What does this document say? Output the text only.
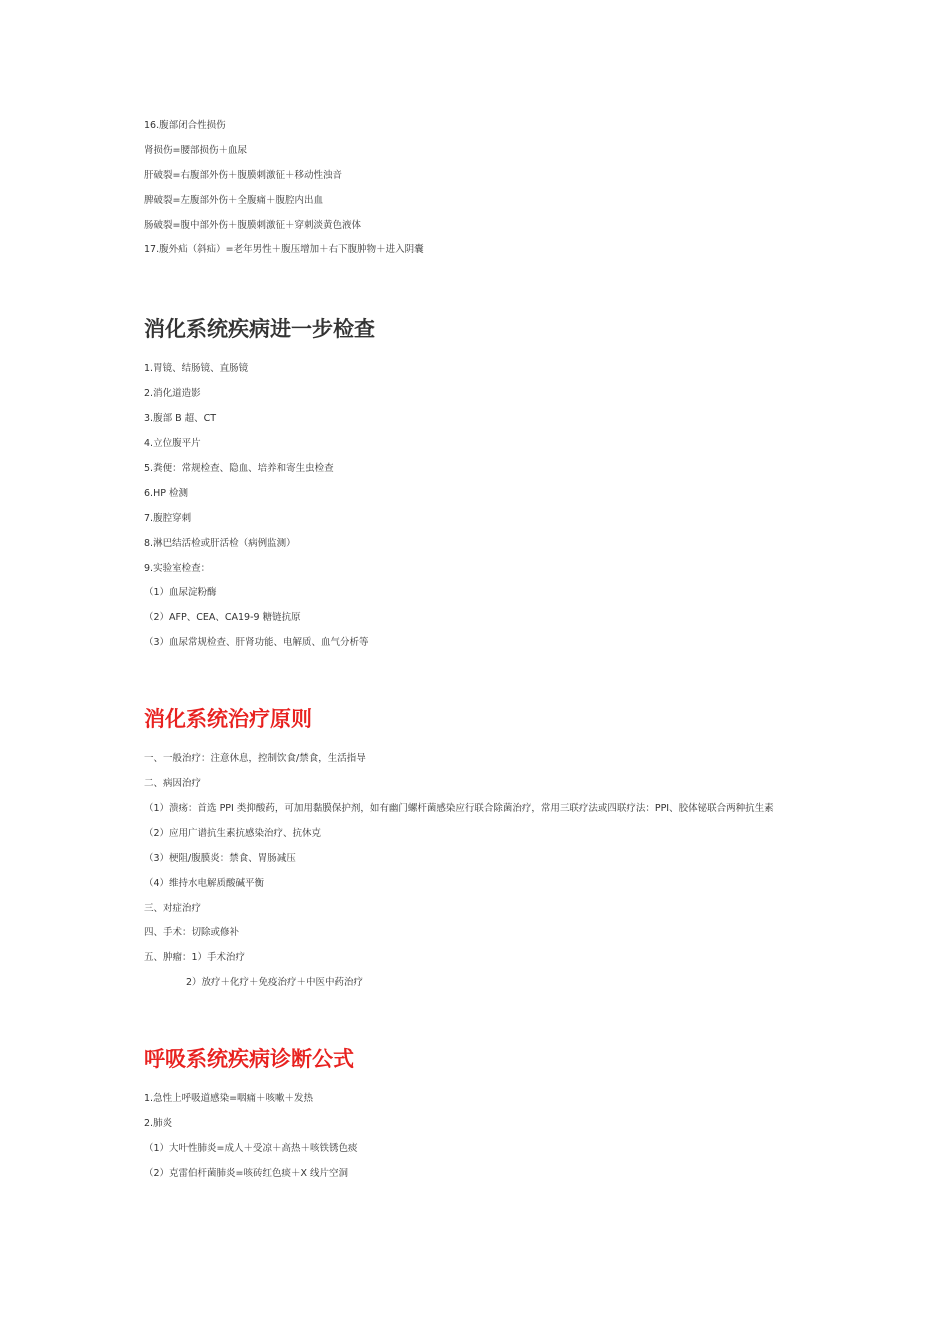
16.腹部闭合性损伤

肾损伤=腰部损伤＋血尿

肝破裂=右腹部外伤＋腹膜刺激征＋移动性浊音

脾破裂=左腹部外伤＋全腹痛＋腹腔内出血

肠破裂=腹中部外伤＋腹膜刺激征＋穿刺淡黄色液体

17.腹外疝（斜疝）=老年男性＋腹压增加＋右下腹肿物＋进入阴囊

消化系统疾病进一步检查

1.胃镜、结肠镜、直肠镜

2.消化道造影

3.腹部 B 超、CT

4.立位腹平片

5.粪便：常规检查、隐血、培养和寄生虫检查

6.HP 检测

7.腹腔穿刺

8.淋巴结活检或肝活检（病例监测）

9.实验室检查：

（1）血尿淀粉酶

（2）AFP、CEA、CA19-9 糖链抗原

（3）血尿常规检查、肝肾功能、电解质、血气分析等

消化系统治疗原则

一、一般治疗：注意休息，控制饮食/禁食，生活指导

二、病因治疗

（1）溃疡：首选 PPI 类抑酸药，可加用黏膜保护剂，如有幽门螺杆菌感染应行联合除菌治疗，常用三联疗法或四联疗法：PPI、胶体铋联合两种抗生素

（2）应用广谱抗生素抗感染治疗、抗休克

（3）梗阻/腹膜炎：禁食、胃肠减压

（4）维持水电解质酸碱平衡

三、对症治疗

四、手术：切除或修补

五、肿瘤：1）手术治疗

2）放疗＋化疗＋免疫治疗＋中医中药治疗

呼吸系统疾病诊断公式

1.急性上呼吸道感染=咽痛＋咳嗽＋发热

2.肺炎

（1）大叶性肺炎=成人＋受凉＋高热＋咳铁锈色痰

（2）克雷伯杆菌肺炎=咳砖红色痰＋X 线片空洞
